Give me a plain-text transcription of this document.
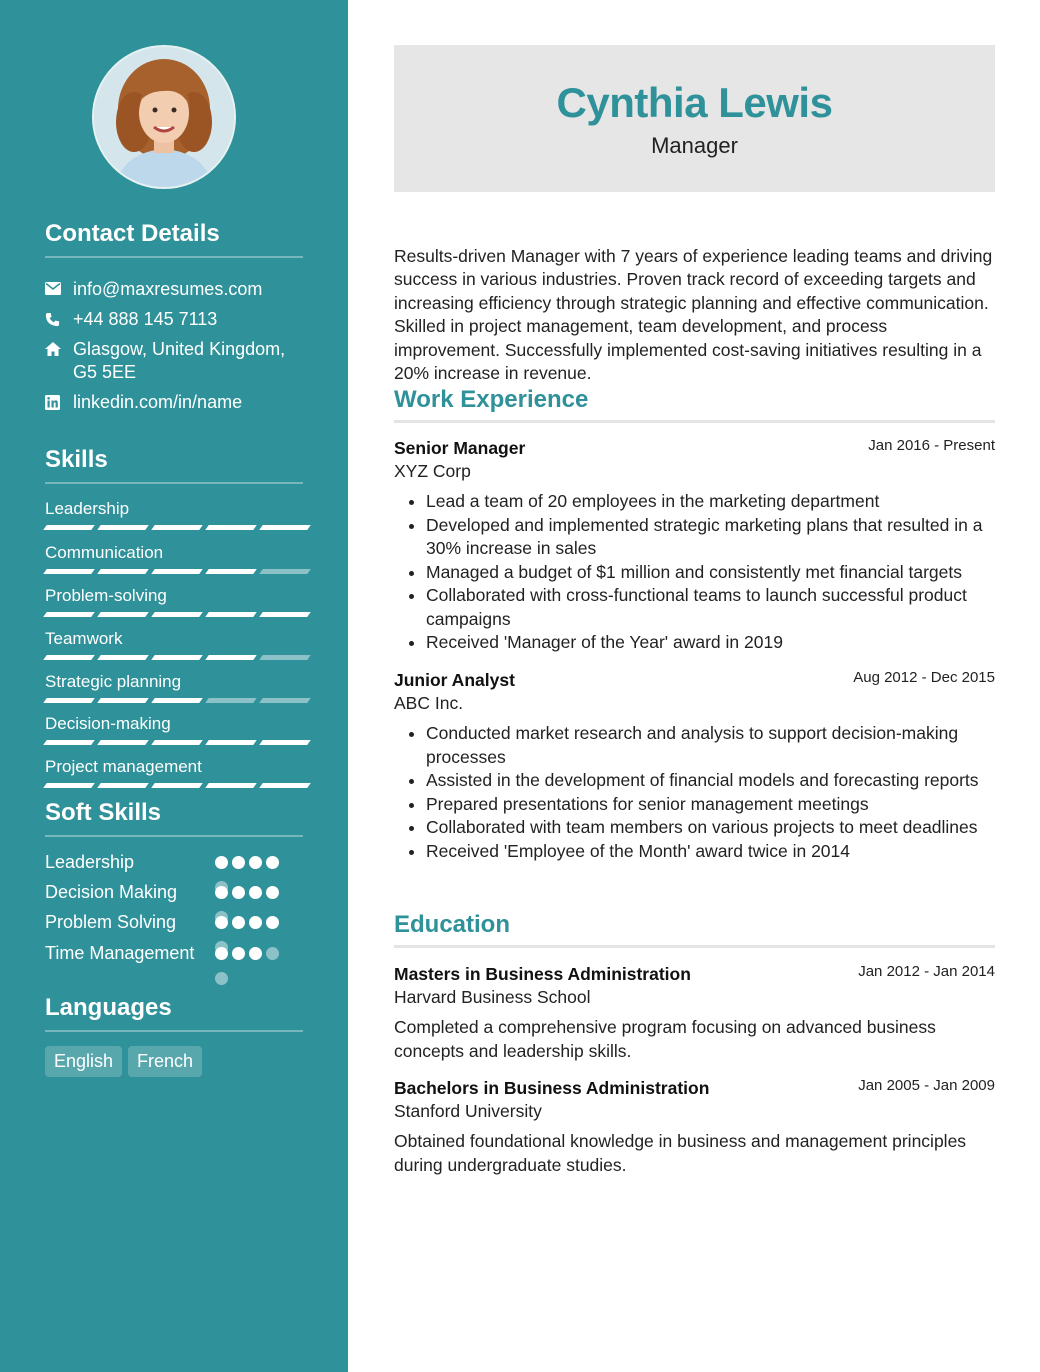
Contact Details
info@maxresumes.com
+44 888 145 7113
Glasgow, United Kingdom, G5 5EE
linkedin.com/in/name
Skills
Leadership
Communication
Problem-solving
Teamwork
Strategic planning
Decision-making
Project management
Soft Skills
Leadership
Decision Making
Problem Solving
Time Management
Languages
English	French
Cynthia Lewis
Manager
Results-driven Manager with 7 years of experience leading teams and driving success in various industries. Proven track record of exceeding targets and increasing efficiency through strategic planning and effective communication. Skilled in project management, team development, and process improvement. Successfully implemented cost-saving initiatives resulting in a 20% increase in revenue.
Work Experience
Senior Manager	Jan 2016 - Present
XYZ Corp
• Lead a team of 20 employees in the marketing department
• Developed and implemented strategic marketing plans that resulted in a 30% increase in sales
• Managed a budget of $1 million and consistently met financial targets
• Collaborated with cross-functional teams to launch successful product campaigns
• Received 'Manager of the Year' award in 2019
Junior Analyst	Aug 2012 - Dec 2015
ABC Inc.
• Conducted market research and analysis to support decision-making processes
• Assisted in the development of financial models and forecasting reports
• Prepared presentations for senior management meetings
• Collaborated with team members on various projects to meet deadlines
• Received 'Employee of the Month' award twice in 2014
Education
Masters in Business Administration	Jan 2012 - Jan 2014
Harvard Business School
Completed a comprehensive program focusing on advanced business concepts and leadership skills.
Bachelors in Business Administration	Jan 2005 - Jan 2009
Stanford University
Obtained foundational knowledge in business and management principles during undergraduate studies.
